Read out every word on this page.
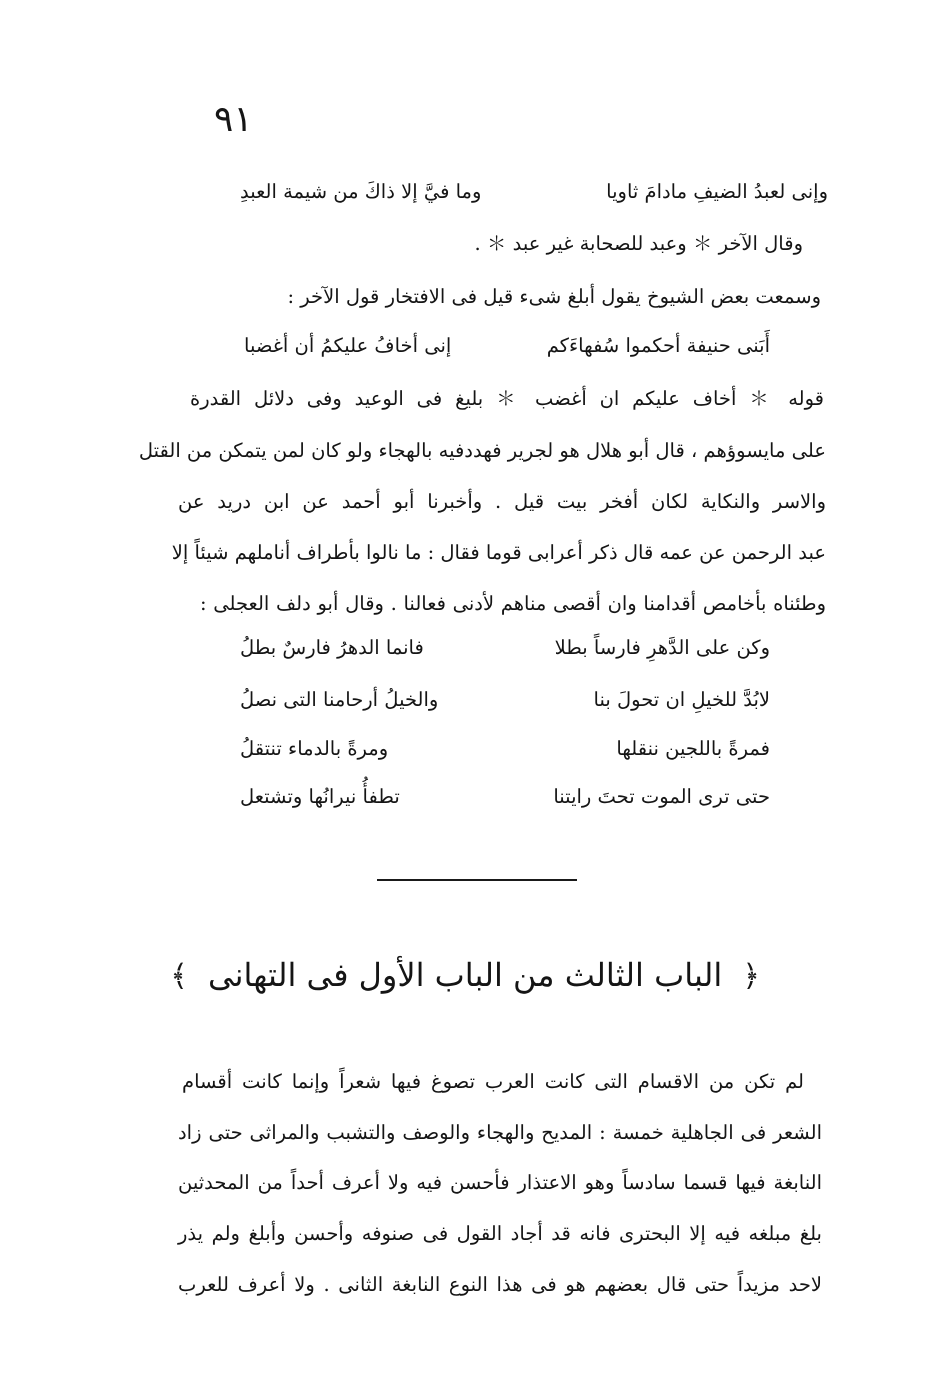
٩١
وإنى لعبدُ الضيفِ مادامَ ثاويا
وما فيَّ إلا ذاكَ من شيمة العبدِ
وقال الآخر ＊ وعبد للصحابة غير عبد ＊ .
وسمعت بعض الشيوخ يقول أبلغ شىء قيل فى الافتخار قول الآخر :
أَبَنى حنيفة أحكموا سُفهاءَكم
إنى أخافُ عليكمُ أن أغضبا
قوله ＊ أخاف عليكم ان أغضب ＊ بليغ فى الوعيد وفى دلائل القدرة
على مايسوؤهم ، قال أبو هلال هو لجرير فهددفيه بالهجاء ولو كان لمن يتمكن من القتل
والاسر والنكاية لكان أفخر بيت قيل . وأخبرنا أبو أحمد عن ابن دريد عن
عبد الرحمن عن عمه قال ذكر أعرابى قوما فقال : ما نالوا بأطراف أناملهم شيئاً إلا
وطئناه بأخامص أقدامنا وان أقصى مناهم لأدنى فعالنا . وقال أبو دلف العجلى :
وكن على الدَّهرِ فارساً بطلا
فانما الدهرُ فارسٌ بطلُ
لابُدَّ للخيلِ ان تحولَ بنا
والخيلُ أرحامنا التى نصلُ
فمرةً باللجين ننقلها
ومرةً بالدماء تنتقلُ
حتى ترى الموت تحتَ رايتنا
تطفأُ نيرانُها وتشتعل
﴿ الباب الثالث من الباب الأول فى التهانى ﴾
لم تكن من الاقسام التى كانت العرب تصوغ فيها شعراً وإنما كانت أقسام
الشعر فى الجاهلية خمسة : المديح والهجاء والوصف والتشبب والمراثى حتى زاد
النابغة فيها قسما سادساً وهو الاعتذار فأحسن فيه ولا أعرف أحداً من المحدثين
بلغ مبلغه فيه إلا البحترى فانه قد أجاد القول فى صنوفه وأحسن وأبلغ ولم يذر
لاحد مزيداً حتى قال بعضهم هو فى هذا النوع النابغة الثانى . ولا أعرف للعرب
